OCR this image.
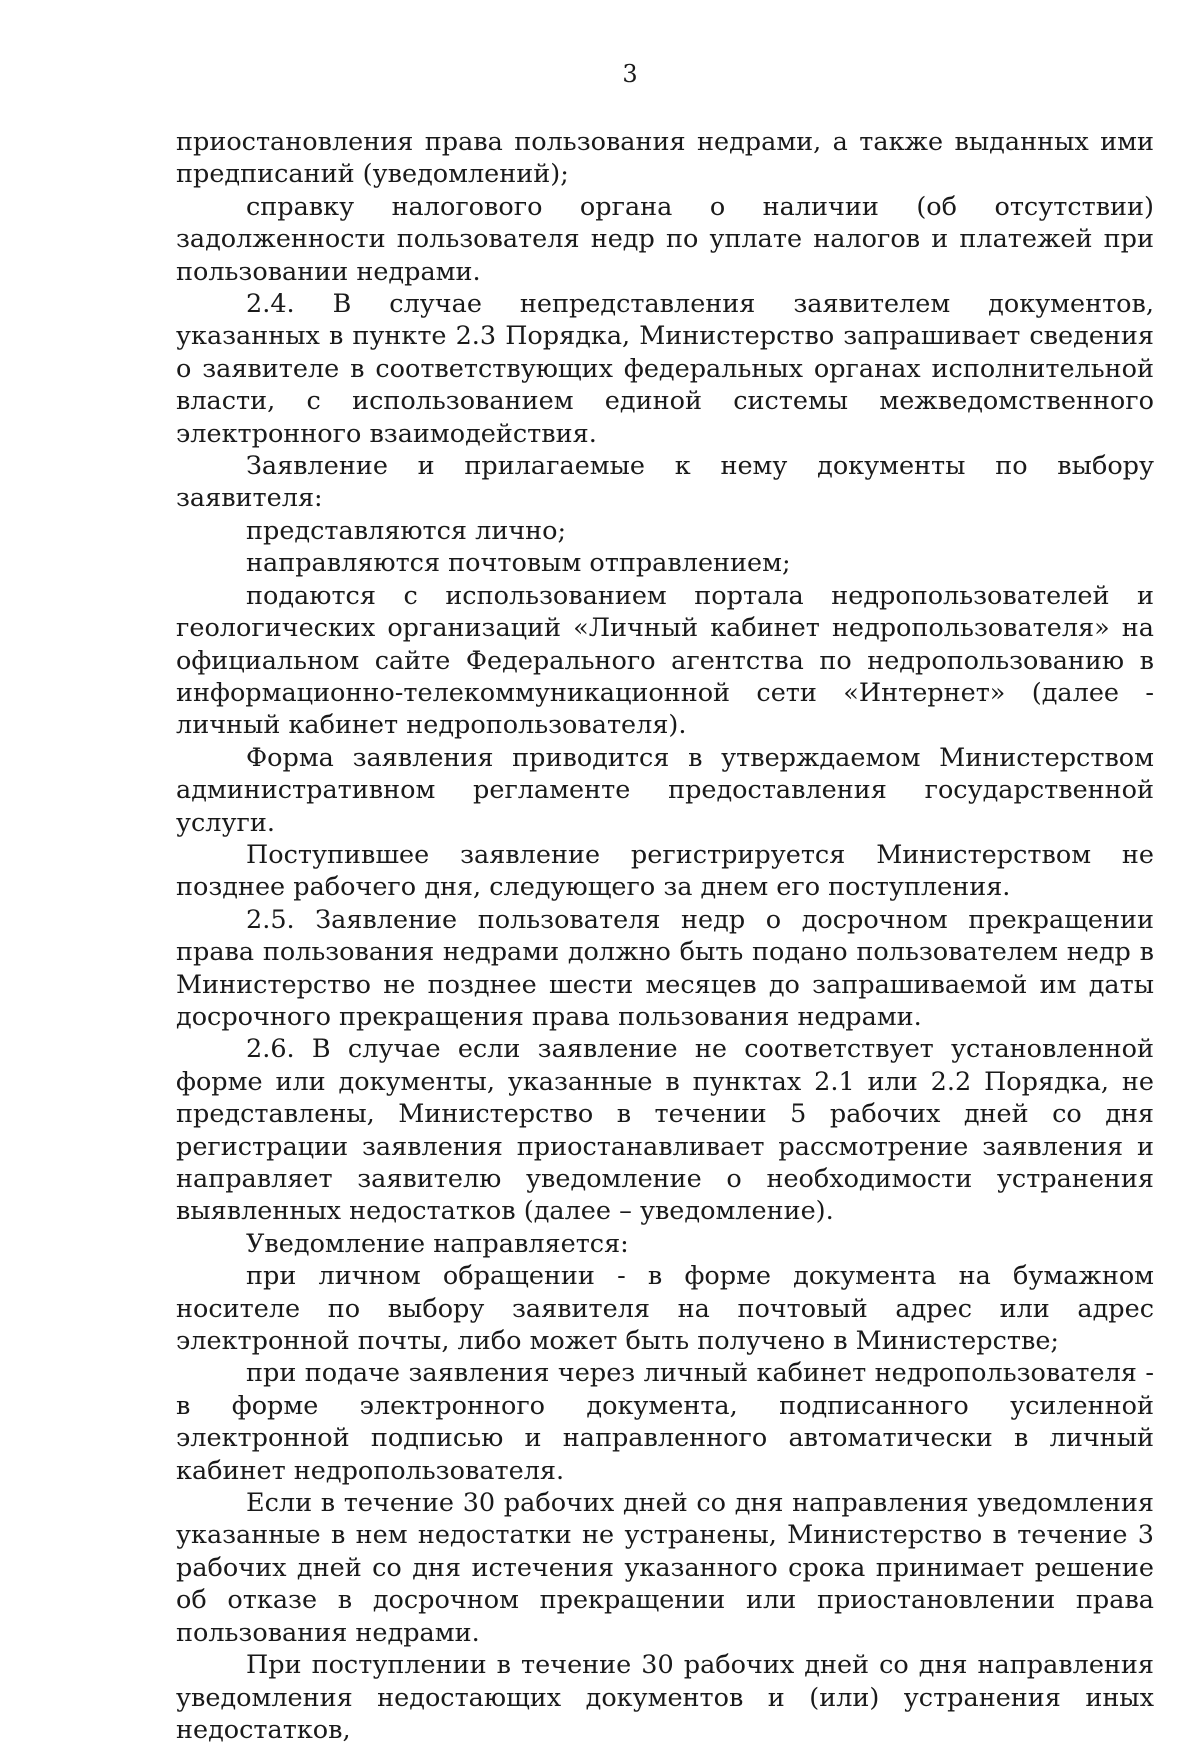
3

приостановления права пользования недрами, а также выданных ими предписаний (уведомлений);

справку налогового органа о наличии (об отсутствии) задолженности пользователя недр по уплате налогов и платежей при пользовании недрами.

2.4. В случае непредставления заявителем документов, указанных в пункте 2.3 Порядка, Министерство запрашивает сведения о заявителе в соответствующих федеральных органах исполнительной власти, с использованием единой системы межведомственного электронного взаимодействия.

Заявление и прилагаемые к нему документы по выбору заявителя:

представляются лично;

направляются почтовым отправлением;

подаются с использованием портала недропользователей и геологических организаций «Личный кабинет недропользователя» на официальном сайте Федерального агентства по недропользованию в информационно-телекоммуникационной сети «Интернет» (далее - личный кабинет недропользователя).

Форма заявления приводится в утверждаемом Министерством административном регламенте предоставления государственной услуги.

Поступившее заявление регистрируется Министерством не позднее рабочего дня, следующего за днем его поступления.

2.5. Заявление пользователя недр о досрочном прекращении права пользования недрами должно быть подано пользователем недр в Министерство не позднее шести месяцев до запрашиваемой им даты досрочного прекращения права пользования недрами.

2.6. В случае если заявление не соответствует установленной форме или документы, указанные в пунктах 2.1 или 2.2 Порядка, не представлены, Министерство в течении 5 рабочих дней со дня регистрации заявления приостанавливает рассмотрение заявления и направляет заявителю уведомление о необходимости устранения выявленных недостатков (далее – уведомление).

Уведомление направляется:

при личном обращении - в форме документа на бумажном носителе по выбору заявителя на почтовый адрес или адрес электронной почты, либо может быть получено в Министерстве;

при подаче заявления через личный кабинет недропользователя - в форме электронного документа, подписанного усиленной электронной подписью и направленного автоматически в личный кабинет недропользователя.

Если в течение 30 рабочих дней со дня направления уведомления указанные в нем недостатки не устранены, Министерство в течение 3 рабочих дней со дня истечения указанного срока принимает решение об отказе в досрочном прекращении или приостановлении права пользования недрами.

При поступлении в течение 30 рабочих дней со дня направления уведомления недостающих документов и (или) устранения иных недостатков,
